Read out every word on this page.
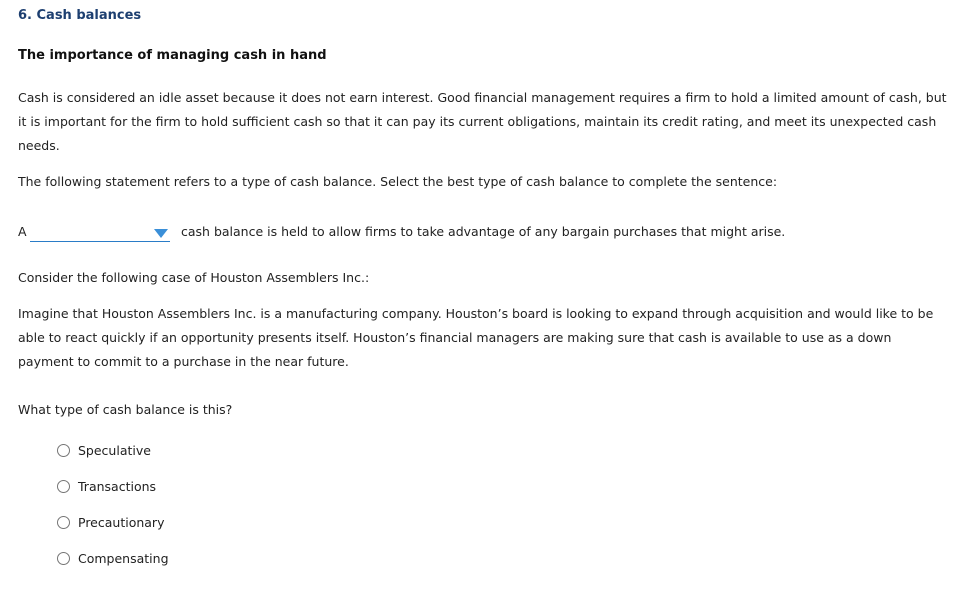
6. Cash balances
The importance of managing cash in hand
Cash is considered an idle asset because it does not earn interest. Good financial management requires a firm to hold a limited amount of cash, but it is important for the firm to hold sufficient cash so that it can pay its current obligations, maintain its credit rating, and meet its unexpected cash needs.
The following statement refers to a type of cash balance. Select the best type of cash balance to complete the sentence:
A	cash balance is held to allow firms to take advantage of any bargain purchases that might arise.
Consider the following case of Houston Assemblers Inc.:
Imagine that Houston Assemblers Inc. is a manufacturing company. Houston’s board is looking to expand through acquisition and would like to be able to react quickly if an opportunity presents itself. Houston’s financial managers are making sure that cash is available to use as a down payment to commit to a purchase in the near future.
What type of cash balance is this?
Speculative
Transactions
Precautionary
Compensating
